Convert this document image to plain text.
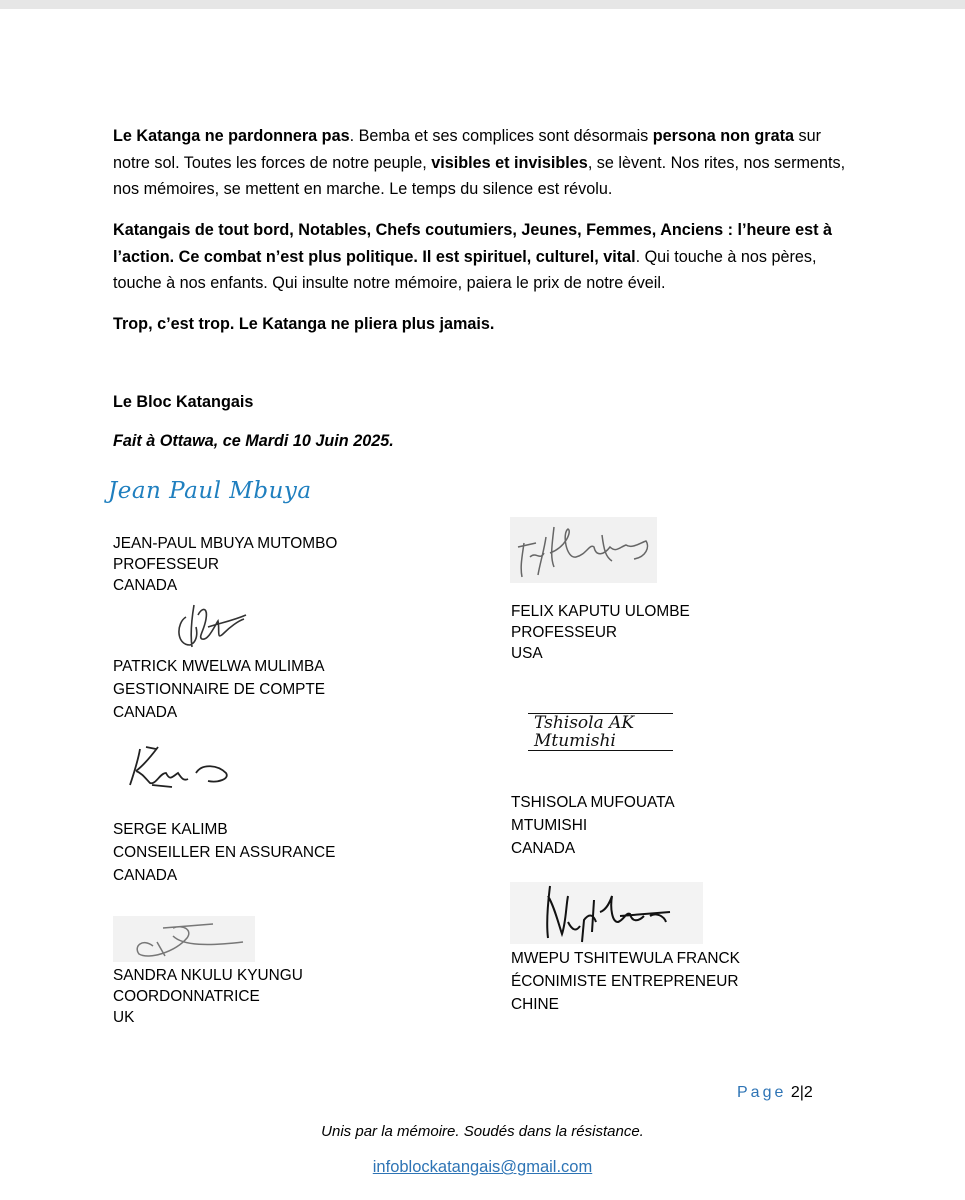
Le Katanga ne pardonnera pas. Bemba et ses complices sont désormais persona non grata sur notre sol. Toutes les forces de notre peuple, visibles et invisibles, se lèvent. Nos rites, nos serments, nos mémoires, se mettent en marche. Le temps du silence est révolu.

Katangais de tout bord, Notables, Chefs coutumiers, Jeunes, Femmes, Anciens : l’heure est à l’action. Ce combat n’est plus politique. Il est spirituel, culturel, vital. Qui touche à nos pères, touche à nos enfants. Qui insulte notre mémoire, paiera le prix de notre éveil.

Trop, c’est trop. Le Katanga ne pliera plus jamais.

Le Bloc Katangais
Fait à Ottawa, ce Mardi 10 Juin 2025.
Jean Paul Mbuya
JEAN-PAUL MBUYA MUTOMBO
PROFESSEUR
CANADA
PATRICK MWELWA MULIMBA
GESTIONNAIRE DE COMPTE
CANADA
SERGE KALIMB
CONSEILLER EN ASSURANCE
CANADA
SANDRA NKULU KYUNGU
COORDONNATRICE
UK
FELIX KAPUTU ULOMBE
PROFESSEUR
USA
Tshisola AK Mtumishi
TSHISOLA MUFOUATA
MTUMISHI
CANADA
MWEPU TSHITEWULA FRANCK
ÉCONIMISTE ENTREPRENEUR
CHINE
Page 2|2
Unis par la mémoire. Soudés dans la résistance.
infoblockatangais@gmail.com
